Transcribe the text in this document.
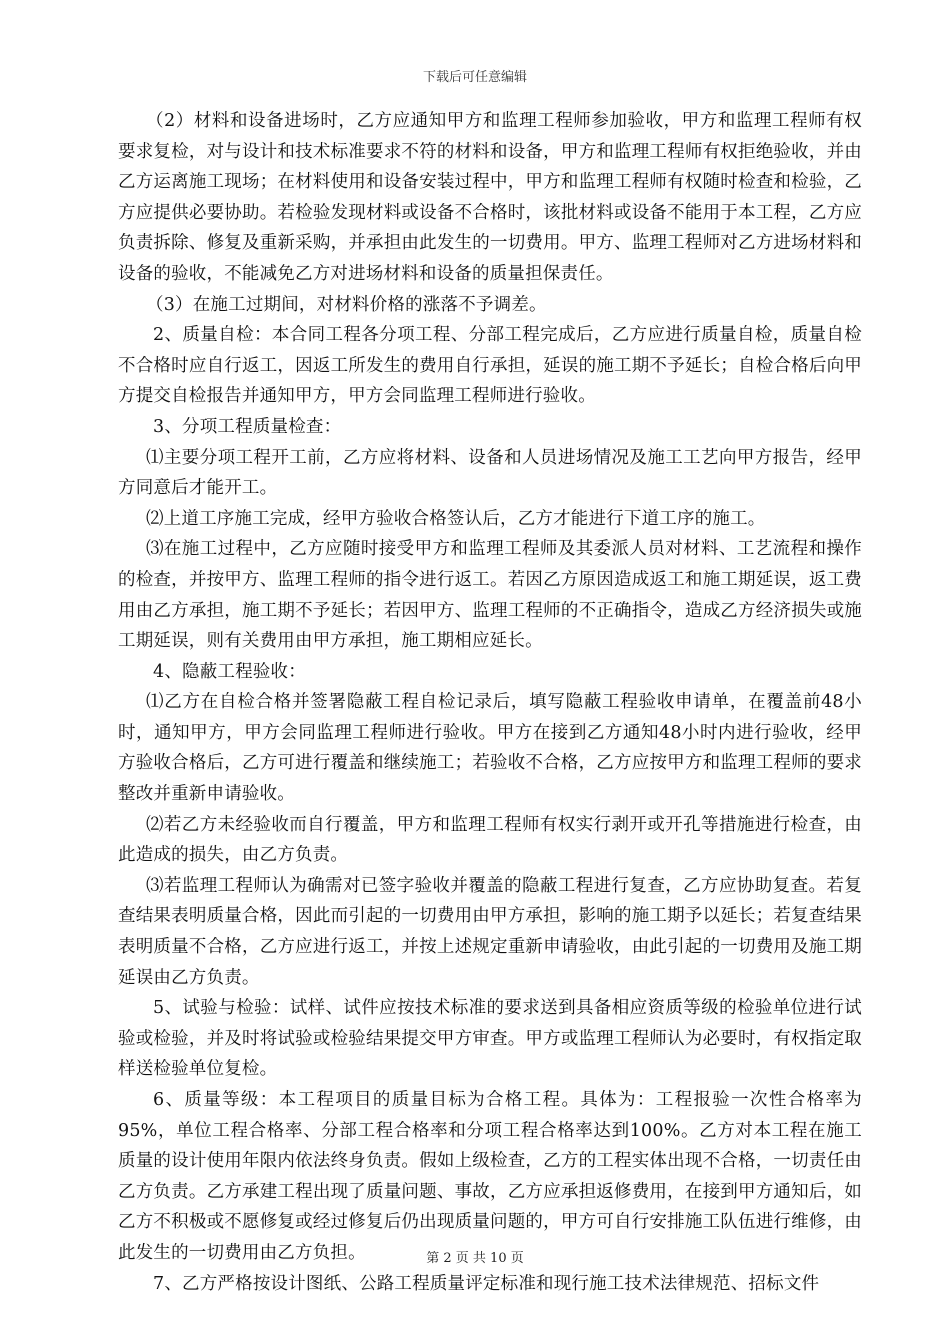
下载后可任意编辑

（2）材料和设备进场时，乙方应通知甲方和监理工程师参加验收，甲方和监理工程师有权要求复检，对与设计和技术标准要求不符的材料和设备，甲方和监理工程师有权拒绝验收，并由乙方运离施工现场；在材料使用和设备安装过程中，甲方和监理工程师有权随时检查和检验，乙方应提供必要协助。若检验发现材料或设备不合格时，该批材料或设备不能用于本工程，乙方应负责拆除、修复及重新采购，并承担由此发生的一切费用。甲方、监理工程师对乙方进场材料和设备的验收，不能减免乙方对进场材料和设备的质量担保责任。

（3）在施工过期间，对材料价格的涨落不予调差。

2、质量自检：本合同工程各分项工程、分部工程完成后，乙方应进行质量自检，质量自检不合格时应自行返工，因返工所发生的费用自行承担，延误的施工期不予延长；自检合格后向甲方提交自检报告并通知甲方，甲方会同监理工程师进行验收。

3、分项工程质量检查：

⑴主要分项工程开工前，乙方应将材料、设备和人员进场情况及施工工艺向甲方报告，经甲方同意后才能开工。

⑵上道工序施工完成，经甲方验收合格签认后，乙方才能进行下道工序的施工。

⑶在施工过程中，乙方应随时接受甲方和监理工程师及其委派人员对材料、工艺流程和操作的检查，并按甲方、监理工程师的指令进行返工。若因乙方原因造成返工和施工期延误，返工费用由乙方承担，施工期不予延长；若因甲方、监理工程师的不正确指令，造成乙方经济损失或施工期延误，则有关费用由甲方承担，施工期相应延长。

4、隐蔽工程验收：

⑴乙方在自检合格并签署隐蔽工程自检记录后，填写隐蔽工程验收申请单，在覆盖前48小时，通知甲方，甲方会同监理工程师进行验收。甲方在接到乙方通知48小时内进行验收，经甲方验收合格后，乙方可进行覆盖和继续施工；若验收不合格，乙方应按甲方和监理工程师的要求整改并重新申请验收。

⑵若乙方未经验收而自行覆盖，甲方和监理工程师有权实行剥开或开孔等措施进行检查，由此造成的损失，由乙方负责。

⑶若监理工程师认为确需对已签字验收并覆盖的隐蔽工程进行复查，乙方应协助复查。若复查结果表明质量合格，因此而引起的一切费用由甲方承担，影响的施工期予以延长；若复查结果表明质量不合格，乙方应进行返工，并按上述规定重新申请验收，由此引起的一切费用及施工期延误由乙方负责。

5、试验与检验：试样、试件应按技术标准的要求送到具备相应资质等级的检验单位进行试验或检验，并及时将试验或检验结果提交甲方审查。甲方或监理工程师认为必要时，有权指定取样送检验单位复检。

6、质量等级：本工程项目的质量目标为合格工程。具体为：工程报验一次性合格率为95%，单位工程合格率、分部工程合格率和分项工程合格率达到100%。乙方对本工程在施工质量的设计使用年限内依法终身负责。假如上级检查，乙方的工程实体出现不合格，一切责任由乙方负责。乙方承建工程出现了质量问题、事故，乙方应承担返修费用，在接到甲方通知后，如乙方不积极或不愿修复或经过修复后仍出现质量问题的，甲方可自行安排施工队伍进行维修，由此发生的一切费用由乙方负担。

7、乙方严格按设计图纸、公路工程质量评定标准和现行施工技术法律规范、招标文件

第 2 页 共 10 页
